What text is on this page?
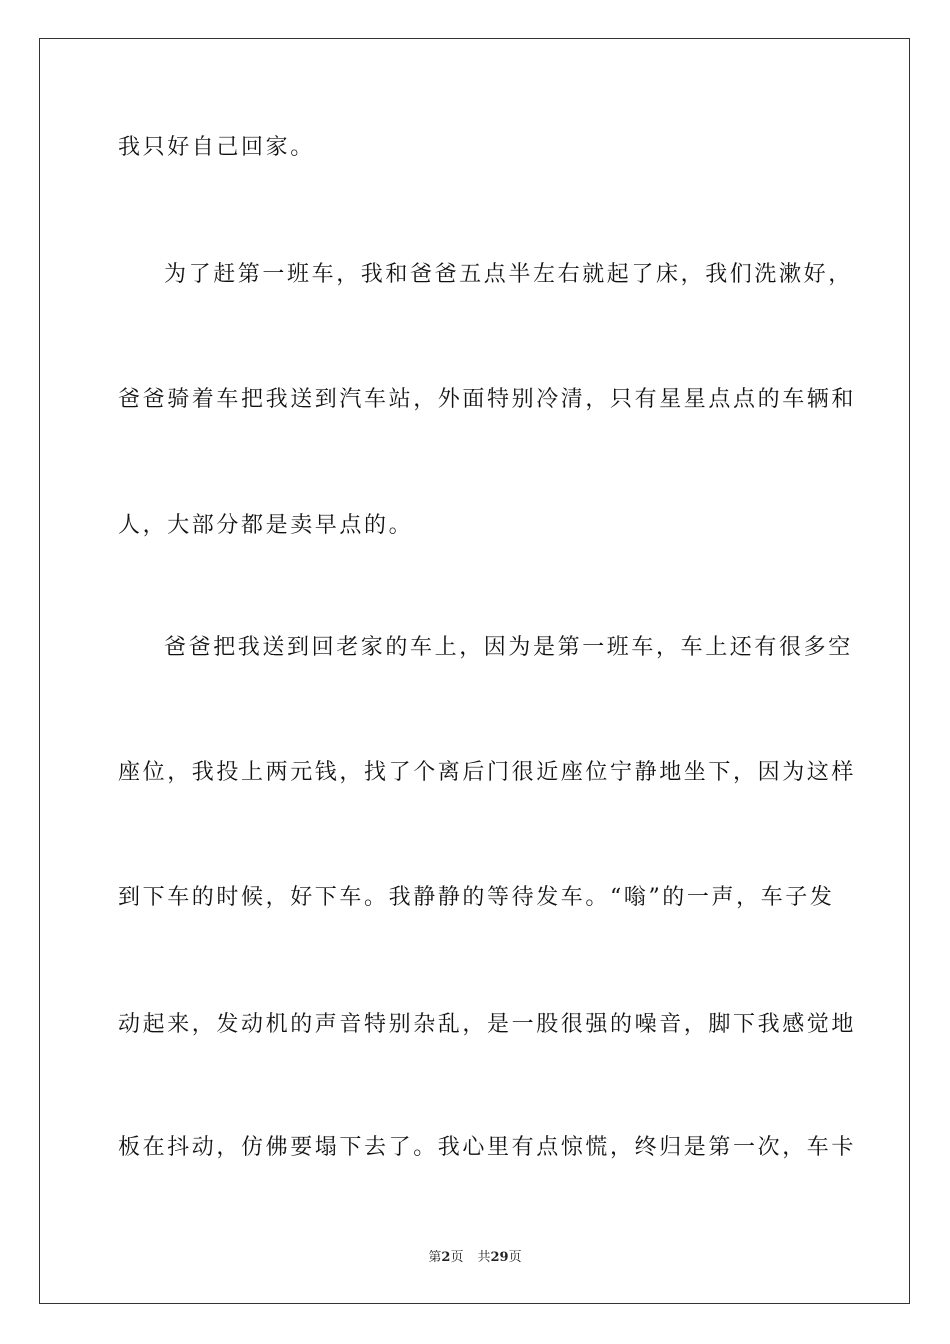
我只好自己回家。
为了赶第一班车，我和爸爸五点半左右就起了床，我们洗漱好，
爸爸骑着车把我送到汽车站，外面特别冷清，只有星星点点的车辆和
人，大部分都是卖早点的。
爸爸把我送到回老家的车上，因为是第一班车，车上还有很多空
座位，我投上两元钱，找了个离后门很近座位宁静地坐下，因为这样
到下车的时候，好下车。我静静的等待发车。“嗡”的一声，车子发
动起来，发动机的声音特别杂乱，是一股很强的噪音，脚下我感觉地
板在抖动，仿佛要塌下去了。我心里有点惊慌，终归是第一次，车卡
第2页 共29页
